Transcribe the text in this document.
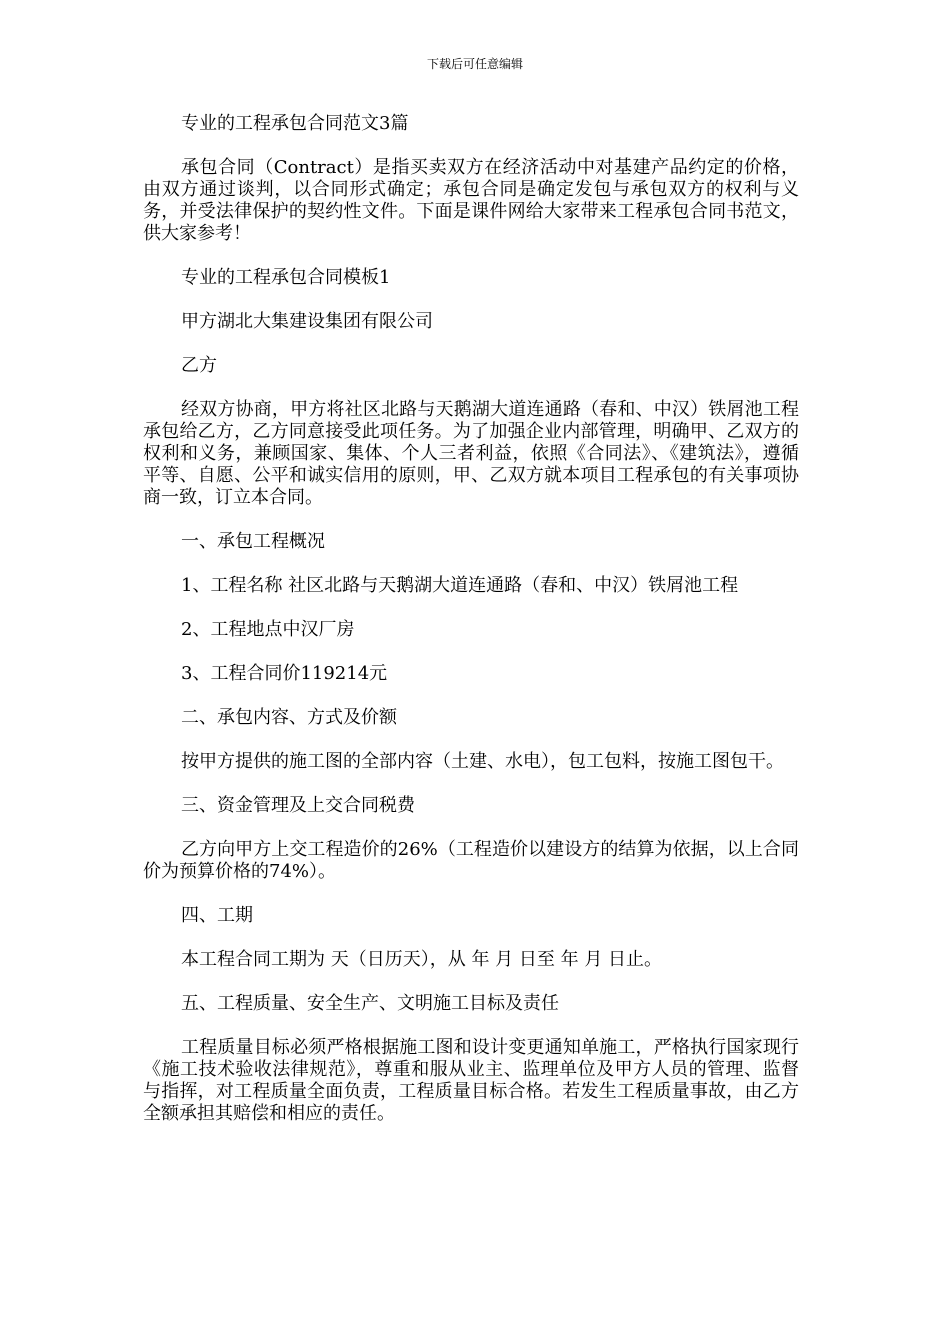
下载后可任意编辑

专业的工程承包合同范文3篇

承包合同（Contract）是指买卖双方在经济活动中对基建产品约定的价格，由双方通过谈判，以合同形式确定；承包合同是确定发包与承包双方的权利与义务，并受法律保护的契约性文件。下面是课件网给大家带来工程承包合同书范文，供大家参考！

专业的工程承包合同模板1

甲方湖北大集建设集团有限公司

乙方

经双方协商，甲方将社区北路与天鹅湖大道连通路（春和、中汉）铁屑池工程承包给乙方，乙方同意接受此项任务。为了加强企业内部管理，明确甲、乙双方的权利和义务，兼顾国家、集体、个人三者利益，依照《合同法》、《建筑法》，遵循平等、自愿、公平和诚实信用的原则，甲、乙双方就本项目工程承包的有关事项协商一致，订立本合同。

一、承包工程概况

1、工程名称 社区北路与天鹅湖大道连通路（春和、中汉）铁屑池工程

2、工程地点中汉厂房

3、工程合同价119214元

二、承包内容、方式及价额

按甲方提供的施工图的全部内容（土建、水电），包工包料，按施工图包干。

三、资金管理及上交合同税费

乙方向甲方上交工程造价的26%（工程造价以建设方的结算为依据，以上合同价为预算价格的74%）。

四、工期

本工程合同工期为 天（日历天），从 年 月 日至 年 月 日止。

五、工程质量、安全生产、文明施工目标及责任

工程质量目标必须严格根据施工图和设计变更通知单施工，严格执行国家现行《施工技术验收法律规范》，尊重和服从业主、监理单位及甲方人员的管理、监督与指挥，对工程质量全面负责，工程质量目标合格。若发生工程质量事故，由乙方全额承担其赔偿和相应的责任。
